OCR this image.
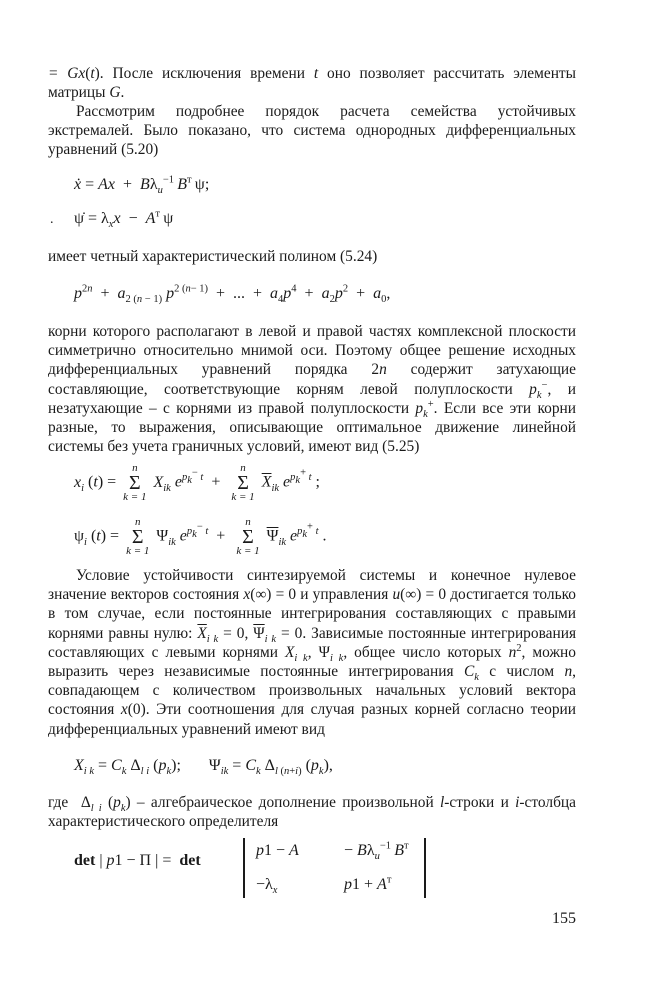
= Gx(t). После исключения времени t оно позволяет рассчитать элементы матрицы G.

Рассмотрим подробнее порядок расчета семейства устойчивых экстремалей. Было показано, что система однородных дифференциальных уравнений (5.20)

ẋ = $Ax + B\lambda_u^{-1}$  $B^т$ ψ;
. ψ̇ = $\lambda_xx - A^т$ ψ

имеет четный характеристический полином (5.24)

$p^{2n} + a_{2 (n - 1)}$ $p^{2 (n- 1)}$  +  ...  +  $a_4p^4 + a_2p^2 + a_0$,

корни которого располагают в левой и правой частях комплексной плоскости симметрично относительно мнимой оси. Поэтому общее решение исходных дифференциальных уравнений порядка 2n содержит затухающие составляющие, соответствующие корням левой полуплоскости $p_k^-$, и незатухающие – с корнями из правой полуплоскости $p_k^+$. Если все эти корни разные, то выражения, описывающие оптимальное движение линейной системы без учета граничных условий, имеют вид (5.25)

$x_i$ (t) =
n
Σ
k = 1
$X_{ik}$ $e^{p_k^- t}$  +
n
Σ
k = 1
$\overline{X}_{ik}$ $e^{p_k^+ t}$ ;
$\psi_i$ (t) =
n
Σ
k = 1
$\Psi_{ik}$ $e^{p_k^- t}$  +
n
Σ
k = 1
$\overline{\Psi}_{ik}$ $e^{p_k^+ t}$ .

Условие устойчивости синтезируемой системы и конечное нулевое значение векторов состояния x(∞) = 0 и управления u(∞) = 0 достигается только в том случае, если постоянные интегрирования составляющих с правыми корнями равны нулю: $\overline{X}_{i k} = 0$, $\overline{\Psi}_{i k} = 0$. Зависимые постоянные интегрирования составляющих с левыми корнями $X_{i k}$, $\Psi_{i k}$, общее число которых $n^2$, можно выразить через независимые постоянные интегрирования $C_k$ с числом n, совпадающем с количеством произвольных начальных условий вектора состояния x(0). Эти соотношения для случая разных корней согласно теории дифференциальных уравнений имеют вид

$X_{i k} = C_k$ $\Delta_{l i}$ $(p_k)$;       $\Psi_{ik} = C_k$ $\Delta_{l (n+i)}$ $(p_k)$,

где  $\Delta_{l i}$ $(p_k)$ – алгебраическое дополнение произвольной l-строки и i-столбца характеристического определителя

det | p1 − Π | =  det
p1 − A	− $B\lambda_u^{-1}$  $B^т$
$-\lambda_x$	$p1 + A^т$
155
